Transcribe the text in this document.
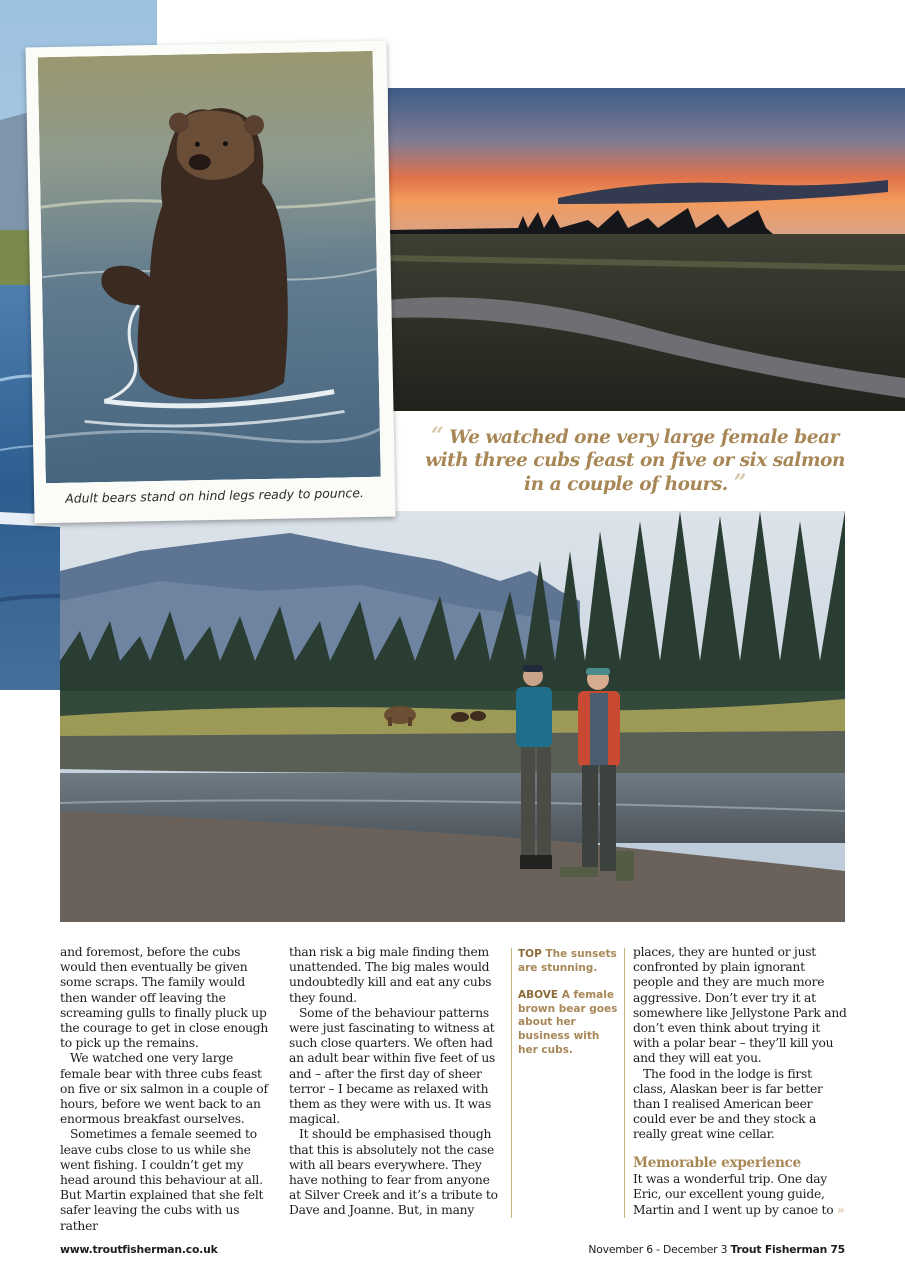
Adult bears stand on hind legs ready to pounce.
“ We watched one very large female bear with three cubs feast on five or six salmon in a couple of hours. ”

and foremost, before the cubs would then eventually be given some scraps. The family would then wander off leaving the screaming gulls to finally pluck up the courage to get in close enough to pick up the remains.

We watched one very large female bear with three cubs feast on five or six salmon in a couple of hours, before we went back to an enormous breakfast ourselves.

Sometimes a female seemed to leave cubs close to us while she went fishing. I couldn’t get my head around this behaviour at all. But Martin explained that she felt safer leaving the cubs with us rather

than risk a big male finding them unattended. The big males would undoubtedly kill and eat any cubs they found.

Some of the behaviour patterns were just fascinating to witness at such close quarters. We often had an adult bear within five feet of us and – after the first day of sheer terror – I became as relaxed with them as they were with us. It was magical.

It should be emphasised though that this is absolutely not the case with all bears everywhere. They have nothing to fear from anyone at Silver Creek and it’s a tribute to Dave and Joanne. But, in many

TOP The sunsets are stunning.
ABOVE A female brown bear goes about her business with her cubs.

places, they are hunted or just confronted by plain ignorant people and they are much more aggressive. Don’t ever try it at somewhere like Jellystone Park and don’t even think about trying it with a polar bear – they’ll kill you and they will eat you.

The food in the lodge is first class, Alaskan beer is far better than I realised American beer could ever be and they stock a really great wine cellar.

Memorable experience

It was a wonderful trip. One day Eric, our excellent young guide, Martin and I went up by canoe to »

www.troutfisherman.co.uk	November 6 - December 3 Trout Fisherman 75
